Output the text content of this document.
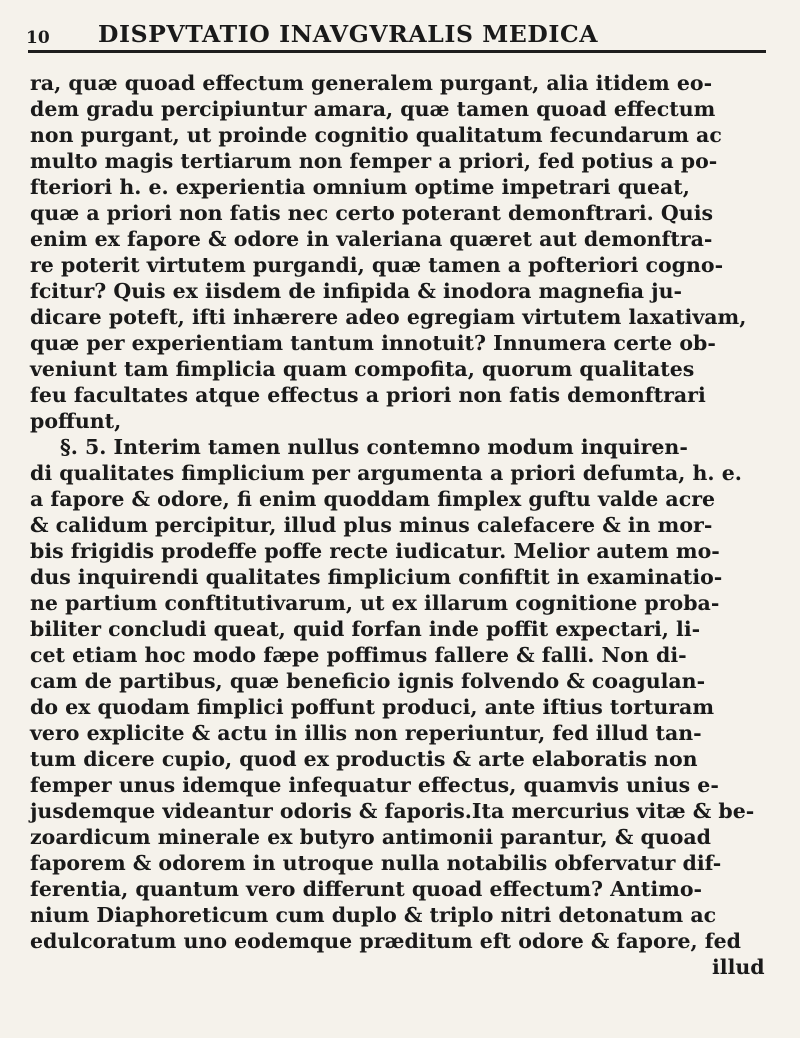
10 DISPVTATIO INAVGVRALIS MEDICA
ra, quæ quoad effectum generalem purgant, alia itidem eo-
dem gradu percipiuntur amara, quæ tamen quoad effectum
non purgant, ut proinde cognitio qualitatum fecundarum ac
multo magis tertiarum non femper a priori, fed potius a po-
fteriori h. e. experientia omnium optime impetrari queat,
quæ a priori non fatis nec certo poterant demonftrari. Quis
enim ex fapore & odore in valeriana quæret aut demonftra-
re poterit virtutem purgandi, quæ tamen a pofteriori cogno-
fcitur? Quis ex iisdem de infipida & inodora magnefia ju-
dicare poteft, ifti inhærere adeo egregiam virtutem laxativam,
quæ per experientiam tantum innotuit? Innumera certe ob-
veniunt tam fimplicia quam compofita, quorum qualitates
feu facultates atque effectus a priori non fatis demonftrari
poffunt,
§. 5. Interim tamen nullus contemno modum inquiren-
di qualitates fimplicium per argumenta a priori defumta, h. e.
a fapore & odore, fi enim quoddam fimplex guftu valde acre
& calidum percipitur, illud plus minus calefacere & in mor-
bis frigidis prodeffe poffe recte iudicatur. Melior autem mo-
dus inquirendi qualitates fimplicium confiftit in examinatio-
ne partium conftitutivarum, ut ex illarum cognitione proba-
biliter concludi queat, quid forfan inde poffit expectari, li-
cet etiam hoc modo fæpe poffimus fallere & falli. Non di-
cam de partibus, quæ beneficio ignis folvendo & coagulan-
do ex quodam fimplici poffunt produci, ante iftius torturam
vero explicite & actu in illis non reperiuntur, fed illud tan-
tum dicere cupio, quod ex productis & arte elaboratis non
femper unus idemque infequatur effectus, quamvis unius e-
jusdemque videantur odoris & faporis.Ita mercurius vitæ & be-
zoardicum minerale ex butyro antimonii parantur, & quoad
faporem & odorem in utroque nulla notabilis obfervatur dif-
ferentia, quantum vero differunt quoad effectum? Antimo-
nium Diaphoreticum cum duplo & triplo nitri detonatum ac
edulcoratum uno eodemque præditum eft odore & fapore, fed
illud
